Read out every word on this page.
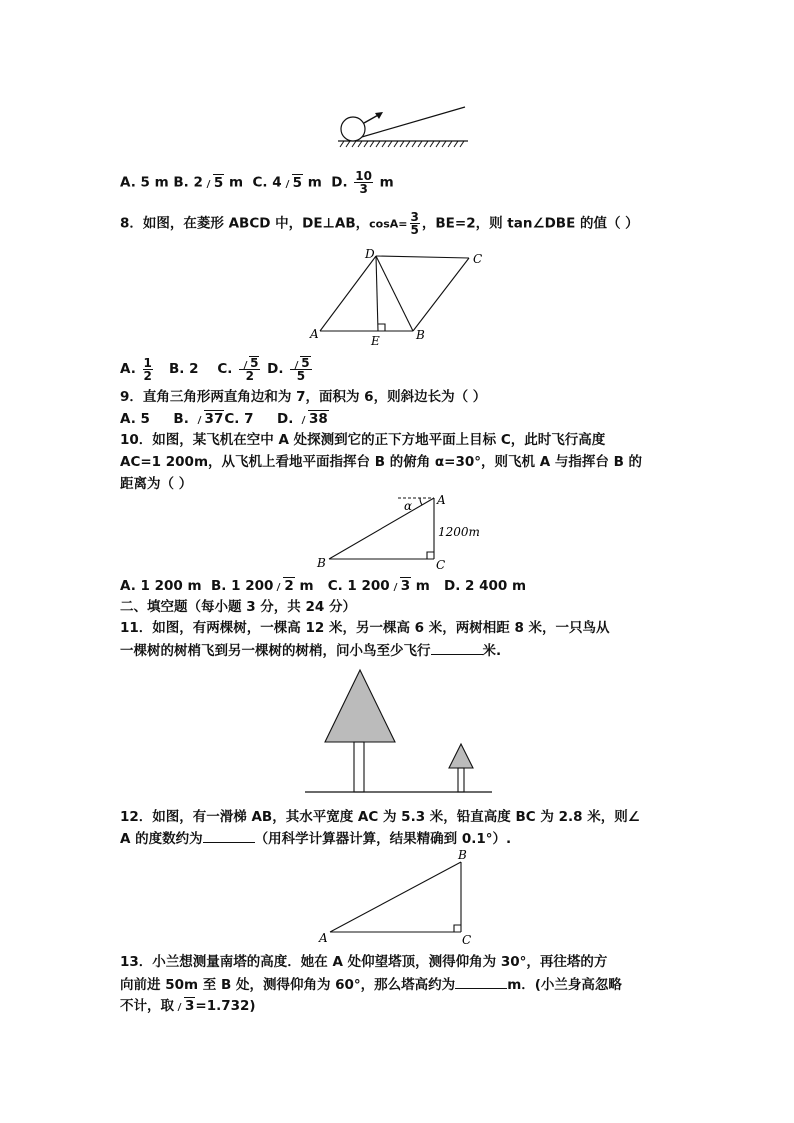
A. 5 m B. 2 5 m C. 4 5 m D. $\frac{10}{3}$ m
8．如图，在菱形 ABCD 中，DE⊥AB，$\cos A= \frac{3}{5}$ ，BE=2，则 tan∠DBE 的值（ ）
D	C
A	E	B
A. $\frac{1}{2} B$. 2 C. $\frac{5}{2} D$. $\frac{5}{5}$
9．直角三角形两直角边和为 7，面积为 6，则斜边长为（ ）
A. 5 B. 37C. 7 D. 38
10．如图，某飞机在空中 A 处探测到它的正下方地平面上目标 C，此时飞行高度
AC=1 200m，从飞机上看地平面指挥台 B 的俯角 α=30°，则飞机 A 与指挥台 B 的
距离为（ ）
A
α
1200m
B	C
A. 1 200 m B. 1 200 2 m C. 1 200 3 m D. 2 400 m
二、填空题（每小题 3 分，共 24 分）
11．如图，有两棵树，一棵高 12 米，另一棵高 6 米，两树相距 8 米，一只鸟从
一棵树的树梢飞到另一棵树的树梢，问小鸟至少飞行	米.
12．如图，有一滑梯 AB，其水平宽度 AC 为 5.3 米，铅直高度 BC 为 2.8 米，则∠
A 的度数约为	（用科学计算器计算，结果精确到 0.1°）.
B
A	C
13．小兰想测量南塔的高度．她在 A 处仰望塔顶，测得仰角为 30°，再往塔的方
向前进 50m 至 B 处，测得仰角为 60°，那么塔高约为	m．(小兰身高忽略
不计，取 3=1.732)
